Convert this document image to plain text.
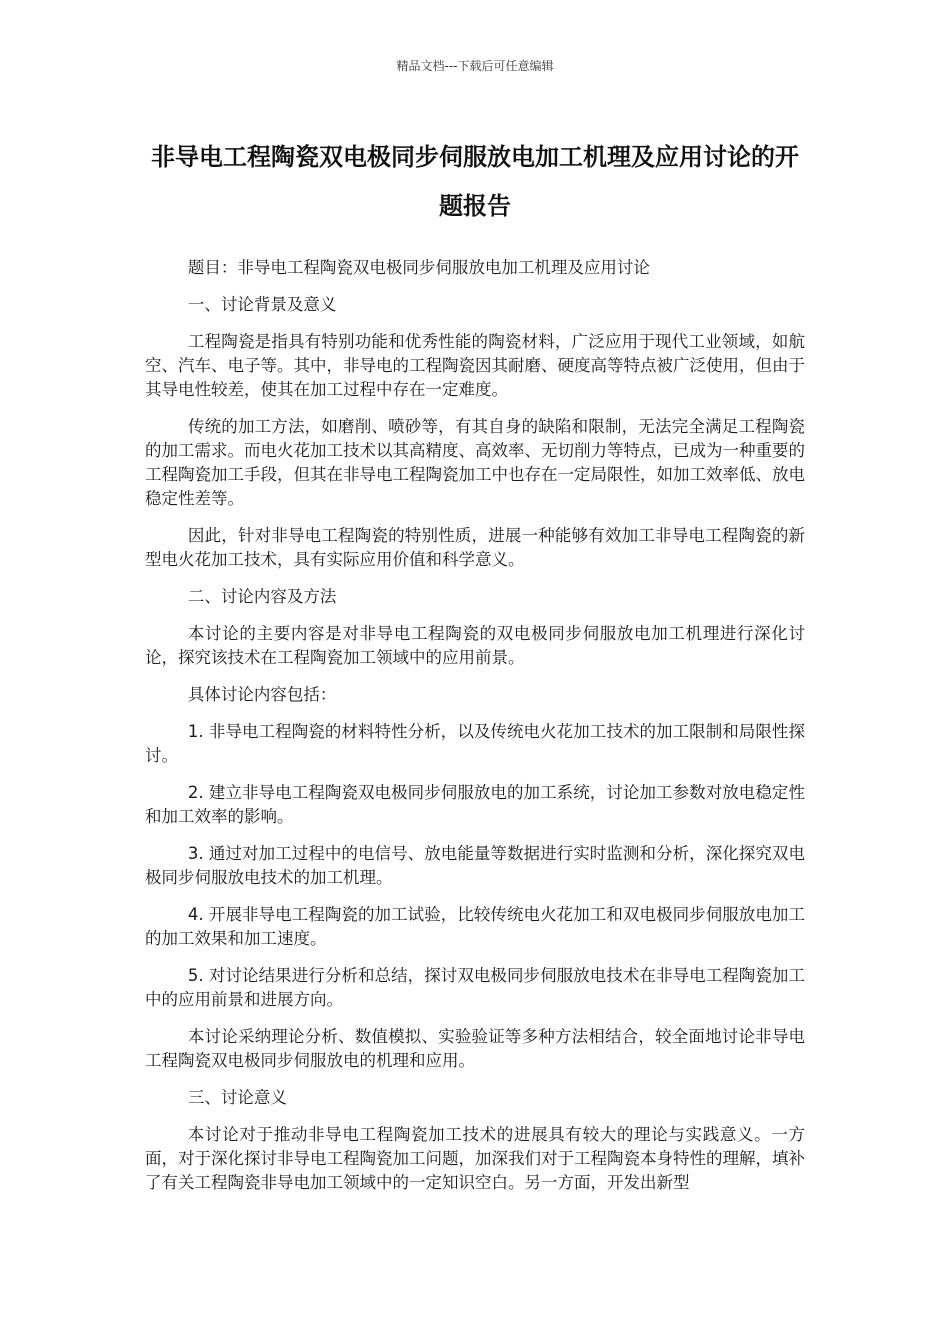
精品文档---下载后可任意编辑
非导电工程陶瓷双电极同步伺服放电加工机理及应用讨论的开题报告

题目：非导电工程陶瓷双电极同步伺服放电加工机理及应用讨论

一、讨论背景及意义

工程陶瓷是指具有特别功能和优秀性能的陶瓷材料，广泛应用于现代工业领域，如航空、汽车、电子等。其中，非导电的工程陶瓷因其耐磨、硬度高等特点被广泛使用，但由于其导电性较差，使其在加工过程中存在一定难度。

传统的加工方法，如磨削、喷砂等，有其自身的缺陷和限制，无法完全满足工程陶瓷的加工需求。而电火花加工技术以其高精度、高效率、无切削力等特点，已成为一种重要的工程陶瓷加工手段，但其在非导电工程陶瓷加工中也存在一定局限性，如加工效率低、放电稳定性差等。

因此，针对非导电工程陶瓷的特别性质，进展一种能够有效加工非导电工程陶瓷的新型电火花加工技术，具有实际应用价值和科学意义。

二、讨论内容及方法

本讨论的主要内容是对非导电工程陶瓷的双电极同步伺服放电加工机理进行深化讨论，探究该技术在工程陶瓷加工领域中的应用前景。

具体讨论内容包括：

1. 非导电工程陶瓷的材料特性分析，以及传统电火花加工技术的加工限制和局限性探讨。

2. 建立非导电工程陶瓷双电极同步伺服放电的加工系统，讨论加工参数对放电稳定性和加工效率的影响。

3. 通过对加工过程中的电信号、放电能量等数据进行实时监测和分析，深化探究双电极同步伺服放电技术的加工机理。

4. 开展非导电工程陶瓷的加工试验，比较传统电火花加工和双电极同步伺服放电加工的加工效果和加工速度。

5. 对讨论结果进行分析和总结，探讨双电极同步伺服放电技术在非导电工程陶瓷加工中的应用前景和进展方向。

本讨论采纳理论分析、数值模拟、实验验证等多种方法相结合，较全面地讨论非导电工程陶瓷双电极同步伺服放电的机理和应用。

三、讨论意义

本讨论对于推动非导电工程陶瓷加工技术的进展具有较大的理论与实践意义。一方面，对于深化探讨非导电工程陶瓷加工问题，加深我们对于工程陶瓷本身特性的理解，填补了有关工程陶瓷非导电加工领域中的一定知识空白。另一方面，开发出新型
